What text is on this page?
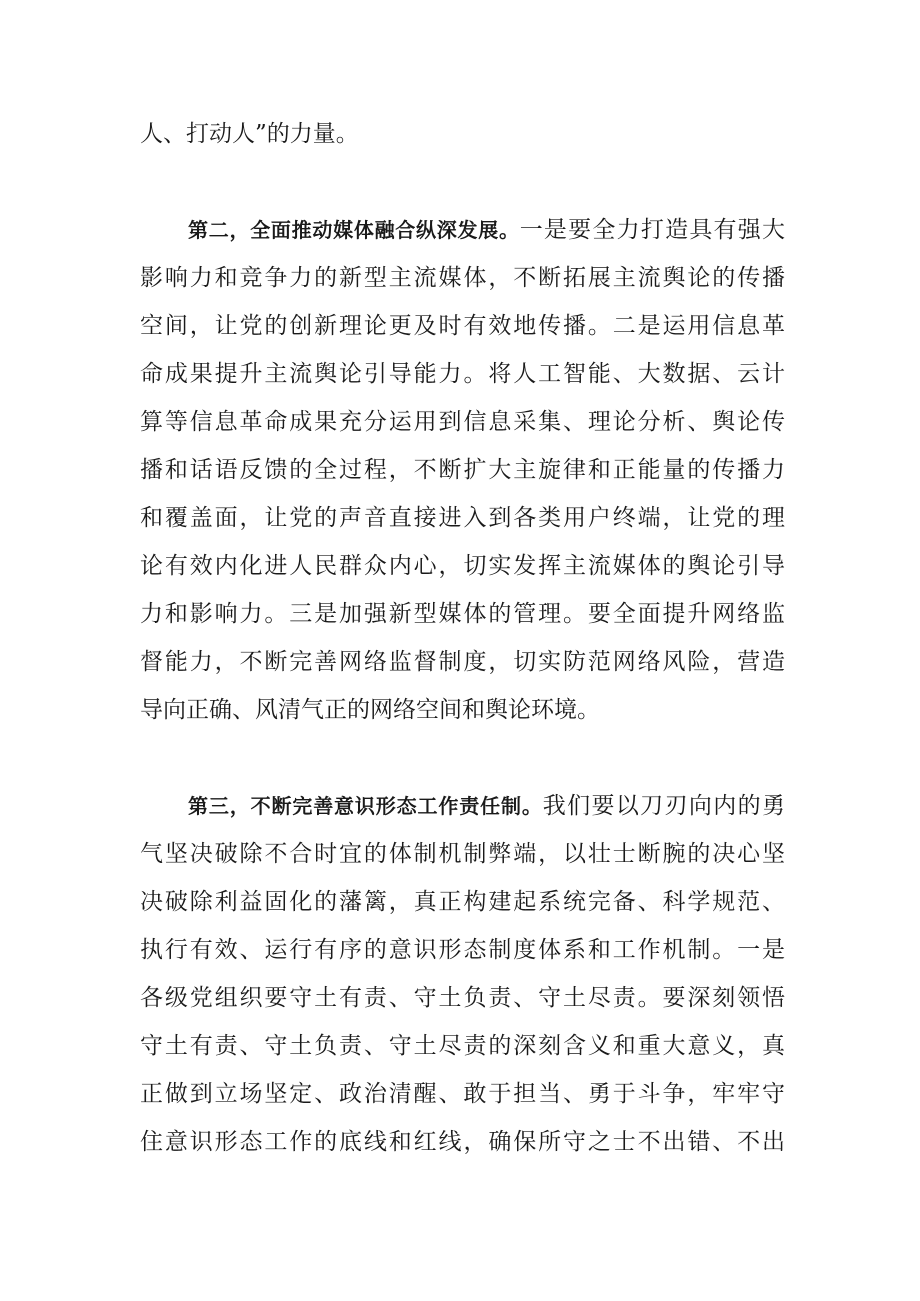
人、打动人”的力量。
第二，全面推动媒体融合纵深发展。一是要全力打造具有强大
影响力和竞争力的新型主流媒体，不断拓展主流舆论的传播
空间，让党的创新理论更及时有效地传播。二是运用信息革
命成果提升主流舆论引导能力。将人工智能、大数据、云计
算等信息革命成果充分运用到信息采集、理论分析、舆论传
播和话语反馈的全过程，不断扩大主旋律和正能量的传播力
和覆盖面，让党的声音直接进入到各类用户终端，让党的理
论有效内化进人民群众内心，切实发挥主流媒体的舆论引导
力和影响力。三是加强新型媒体的管理。要全面提升网络监
督能力，不断完善网络监督制度，切实防范网络风险，营造
导向正确、风清气正的网络空间和舆论环境。
第三，不断完善意识形态工作责任制。我们要以刀刃向内的勇
气坚决破除不合时宜的体制机制弊端，以壮士断腕的决心坚
决破除利益固化的藩篱，真正构建起系统完备、科学规范、
执行有效、运行有序的意识形态制度体系和工作机制。一是
各级党组织要守土有责、守土负责、守土尽责。要深刻领悟
守土有责、守土负责、守土尽责的深刻含义和重大意义，真
正做到立场坚定、政治清醒、敢于担当、勇于斗争，牢牢守
住意识形态工作的底线和红线，确保所守之士不出错、不出
